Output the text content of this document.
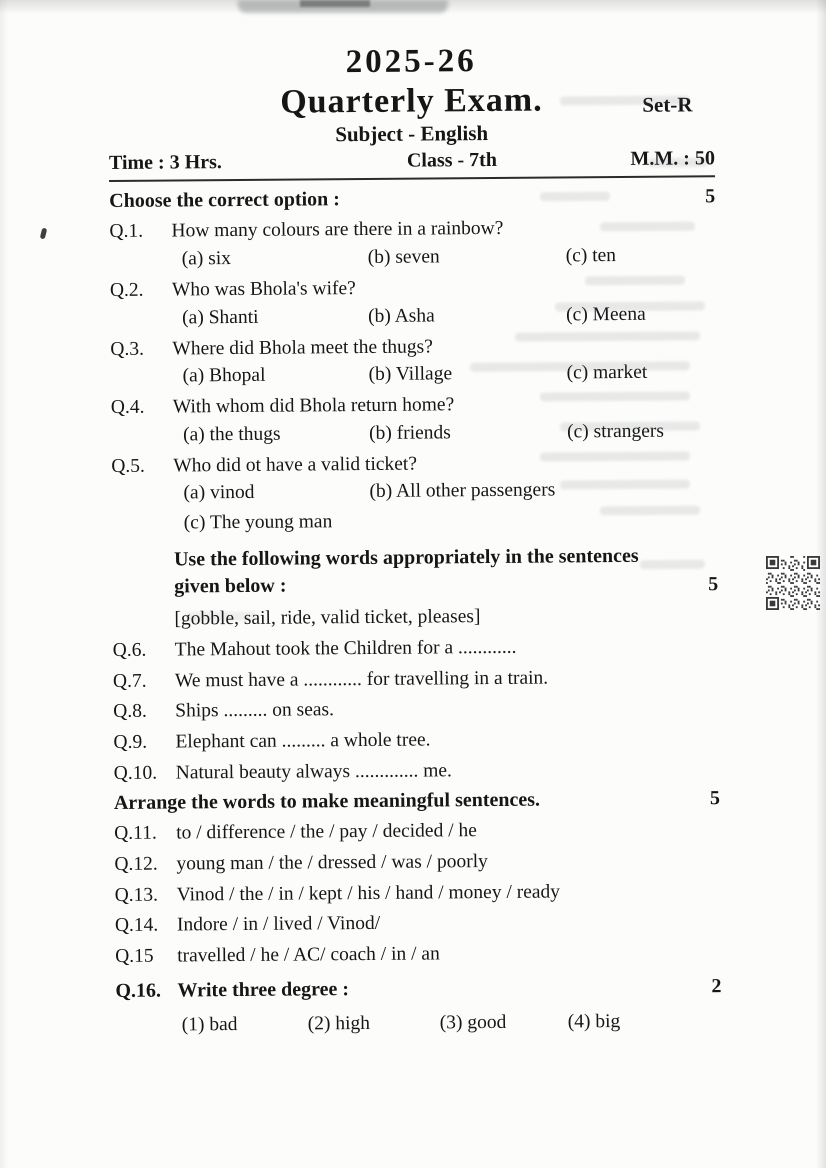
2025-26
Quarterly Exam.	Set-R
Subject - English
Time : 3 Hrs.	Class - 7th	M.M. : 50
Choose the correct option :	5
Q.1.	How many colours are there in a rainbow?
(a) six	(b) seven	(c) ten
Q.2.	Who was Bhola's wife?
(a) Shanti	(b) Asha	(c) Meena
Q.3.	Where did Bhola meet the thugs?
(a) Bhopal	(b) Village	(c) market
Q.4.	With whom did Bhola return home?
(a) the thugs	(b) friends	(c) strangers
Q.5.	Who did ot have a valid ticket?
(a) vinod	(b) All other passengers
(c) The young man
Use the following words appropriately in the sentences given below :	5
[gobble, sail, ride, valid ticket, pleases]
Q.6.	The Mahout took the Children for a ............
Q.7.	We must have a ............ for travelling in a train.
Q.8.	Ships ......... on seas.
Q.9.	Elephant can ......... a whole tree.
Q.10. Natural beauty always ............. me.
Arrange the words to make meaningful sentences.	5
Q.11. to / difference / the / pay / decided / he
Q.12. young man / the / dressed / was / poorly
Q.13. Vinod / the / in / kept / his / hand / money / ready
Q.14. Indore / in / lived / Vinod/
Q.15	travelled / he / AC/ coach / in / an
Q.16. Write three degree :	2
(1) bad	(2) high	(3) good	(4) big
